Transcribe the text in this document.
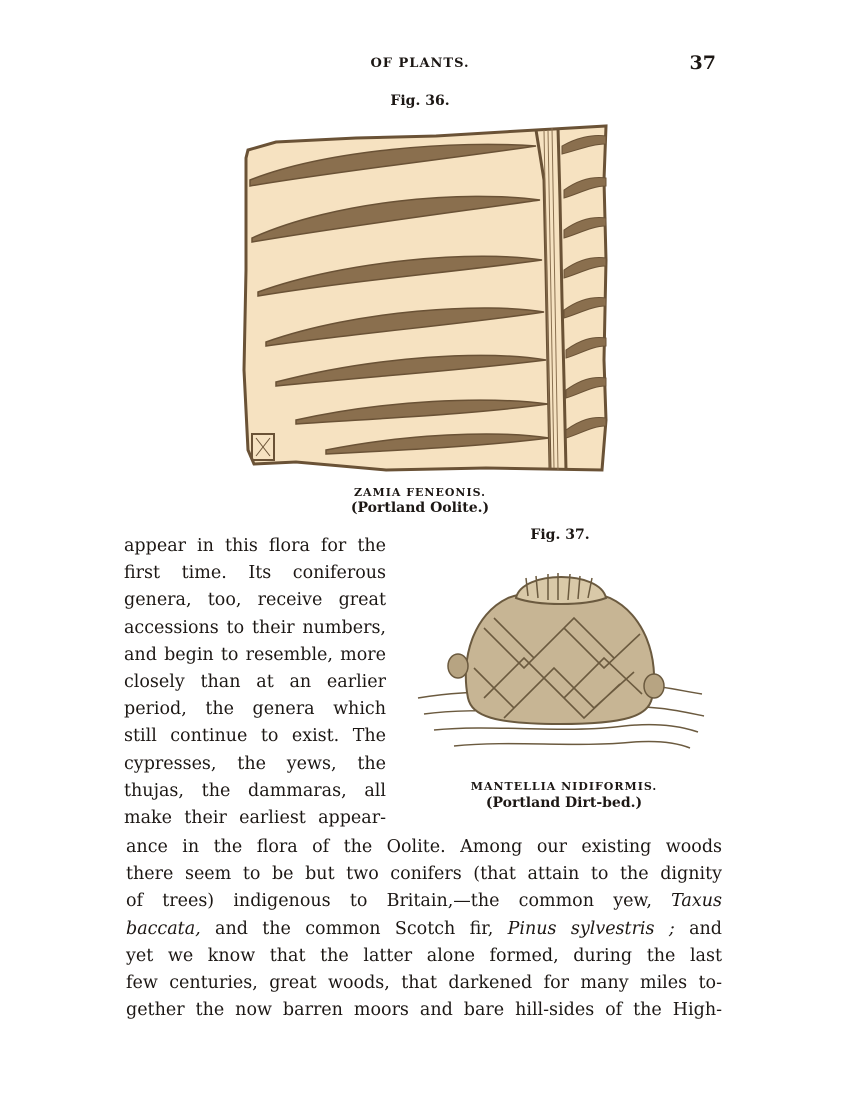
OF PLANTS.	37
Fig. 36.
ZAMIA FENEONIS.
(Portland Oolite.)
Fig. 37.
MANTELLIA NIDIFORMIS.
(Portland Dirt-bed.)

appear in this flora for the
first time. Its coniferous
genera, too, receive great
accessions to their numbers,
and begin to resemble, more
closely than at an earlier
period, the genera which
still continue to exist. The
cypresses, the yews, the
thujas, the dammaras, all
make their earliest appear-

ance in the flora of the Oolite. Among our existing woods
there seem to be but two conifers (that attain to the dignity
of trees) indigenous to Britain,—the common yew, Taxus
baccata, and the common Scotch fir, Pinus sylvestris ; and
yet we know that the latter alone formed, during the last
few centuries, great woods, that darkened for many miles to-
gether the now barren moors and bare hill-sides of the High-
